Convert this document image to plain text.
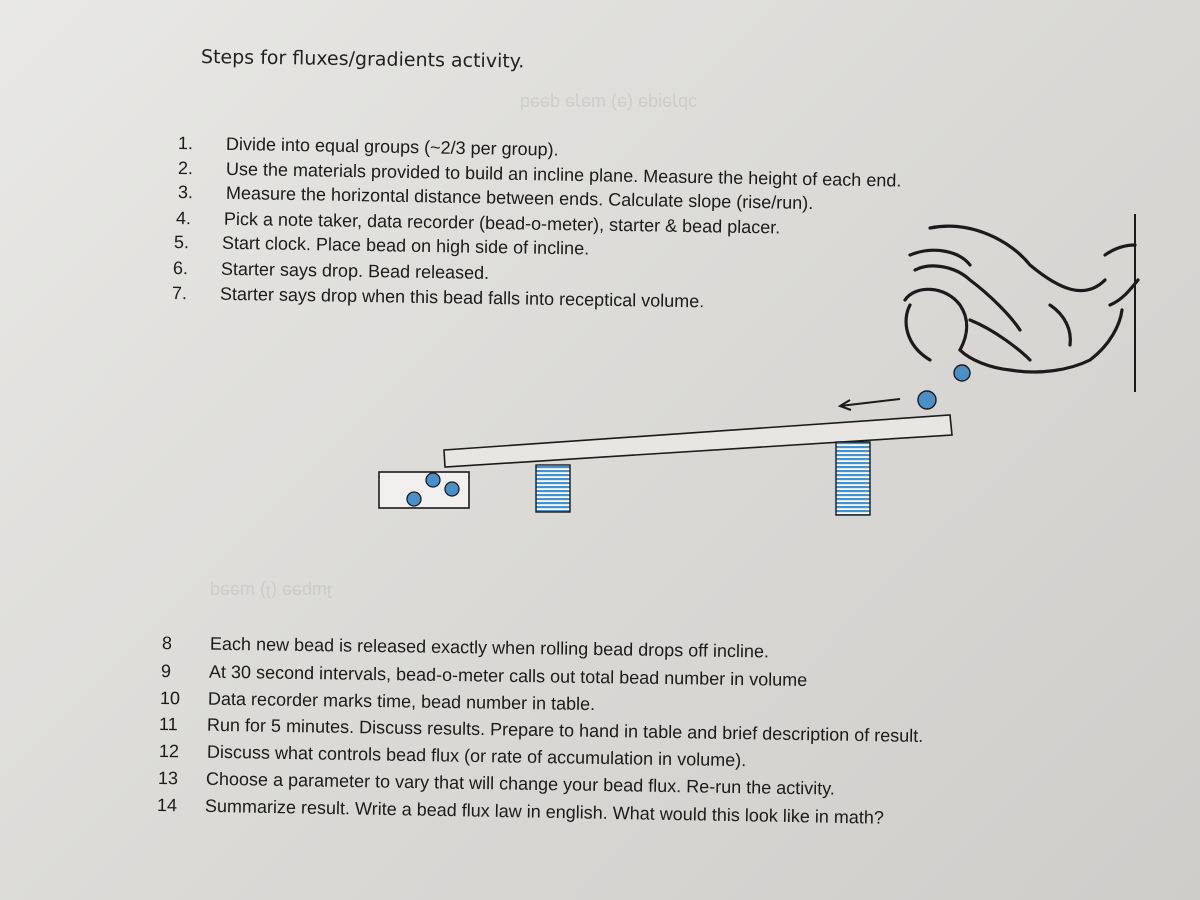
ɔbɿɘᴉqɘ (ɘ) ɯɘɿɘ qɘɘd
ʇɯpɘɘ (ʇ) ɯɘɘq
Steps for fluxes/gradients activity.
1.	Divide into equal groups (~2/3 per group).
2.	Use the materials provided to build an incline plane. Measure the height of each end.
3.	Measure the horizontal distance between ends. Calculate slope (rise/run).
4.	Pick a note taker, data recorder (bead-o-meter), starter & bead placer.
5.	Start clock. Place bead on high side of incline.
6.	Starter says drop. Bead released.
7.	Starter says drop when this bead falls into receptical volume.
8	Each new bead is released exactly when rolling bead drops off incline.
9	At 30 second intervals, bead-o-meter calls out total bead number in volume
10	Data recorder marks time, bead number in table.
11	Run for 5 minutes. Discuss results. Prepare to hand in table and brief description of result.
12	Discuss what controls bead flux (or rate of accumulation in volume).
13	Choose a parameter to vary that will change your bead flux. Re-run the activity.
14	Summarize result. Write a bead flux law in english. What would this look like in math?
